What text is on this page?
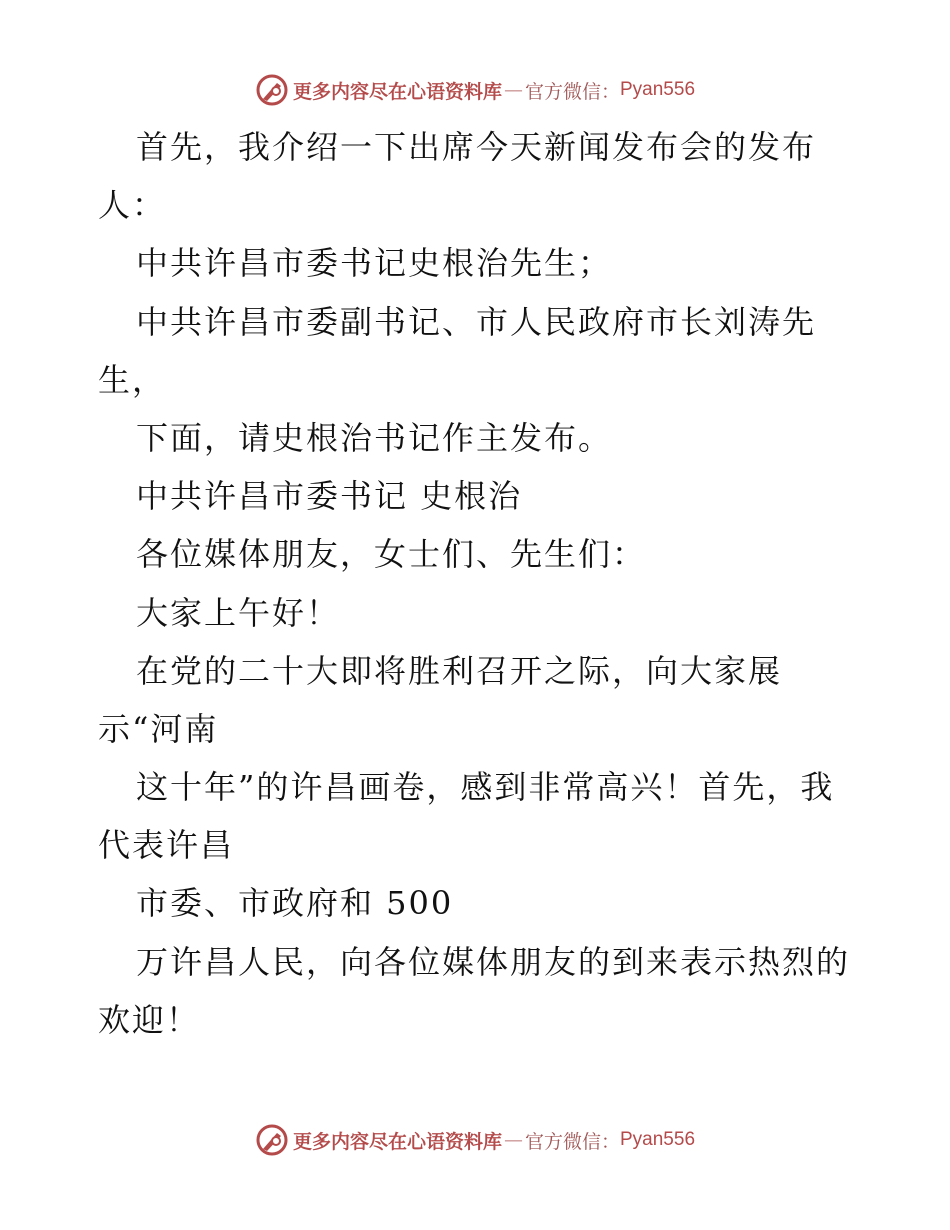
更多内容尽在心语资料库 — 官方微信： Pyan556
首先，我介绍一下出席今天新闻发布会的发布
人：
中共许昌市委书记史根治先生；
中共许昌市委副书记、市人民政府市长刘涛先
生，
下面，请史根治书记作主发布。
中共许昌市委书记 史根治
各位媒体朋友，女士们、先生们：
大家上午好！
在党的二十大即将胜利召开之际，向大家展
示“河南
这十年”的许昌画卷，感到非常高兴！首先，我
代表许昌
市委、市政府和 500
万许昌人民，向各位媒体朋友的到来表示热烈的
欢迎！
更多内容尽在心语资料库 — 官方微信： Pyan556
